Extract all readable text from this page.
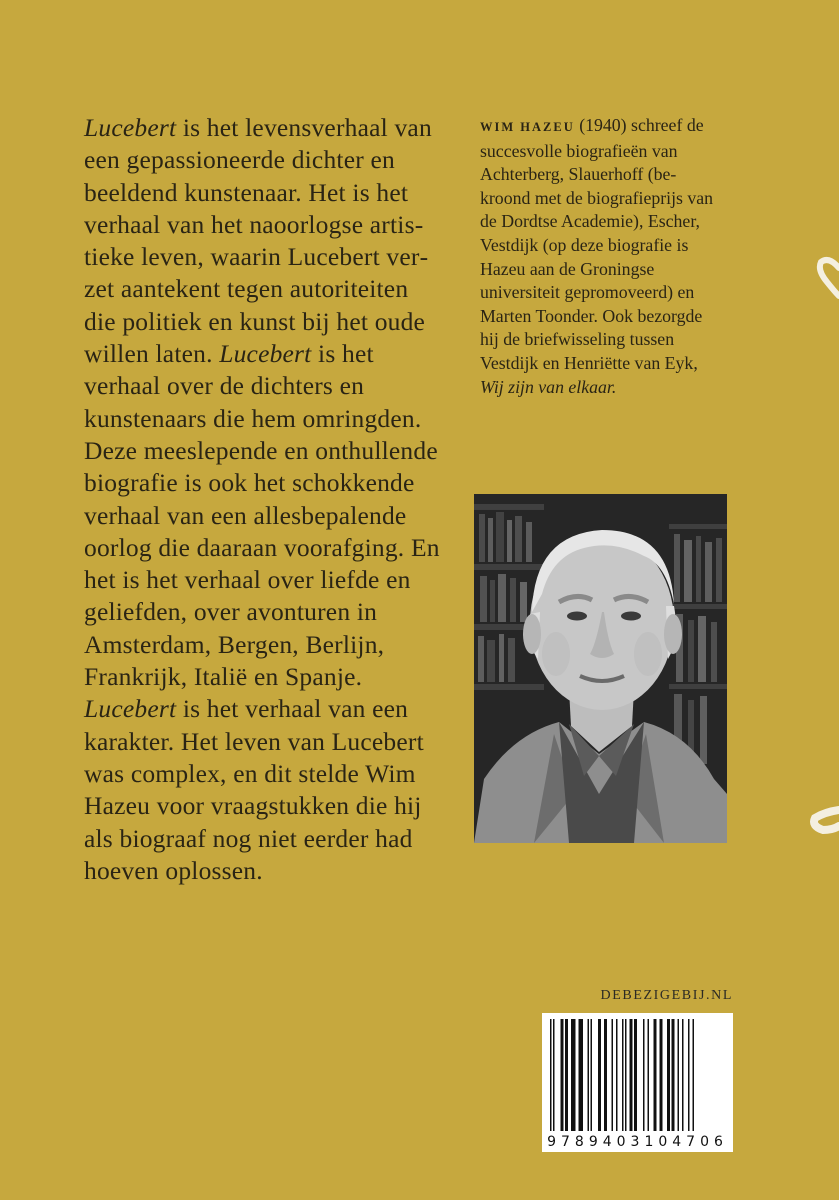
Lucebert is het levensverhaal van een gepassioneerde dichter en beeldend kunstenaar. Het is het verhaal van het naoorlogse artistieke leven, waarin Lucebert verzet aantekent tegen autoriteiten die politiek en kunst bij het oude willen laten. Lucebert is het verhaal over de dichters en kunstenaars die hem omringden.

Deze meeslepende en onthullende biografie is ook het schokkende verhaal van een allesbepalende oorlog die daaraan voorafging. En het is het verhaal over liefde en geliefden, over avonturen in Amsterdam, Bergen, Berlijn, Frankrijk, Italië en Spanje.

Lucebert is het verhaal van een karakter. Het leven van Lucebert was complex, en dit stelde Wim Hazeu voor vraagstukken die hij als biograaf nog niet eerder had hoeven oplossen.

WIM HAZEU (1940) schreef de succesvolle biografieën van Achterberg, Slauerhoff (bekroond met de biografieprijs van de Dordtse Academie), Escher, Vestdijk (op deze biografie is Hazeu aan de Groningse universiteit gepromoveerd) en Marten Toonder. Ook bezorgde hij de briefwisseling tussen Vestdijk en Henriëtte van Eyk, Wij zijn van elkaar.

DEBEZIGEBIJ.NL
9789403104706
